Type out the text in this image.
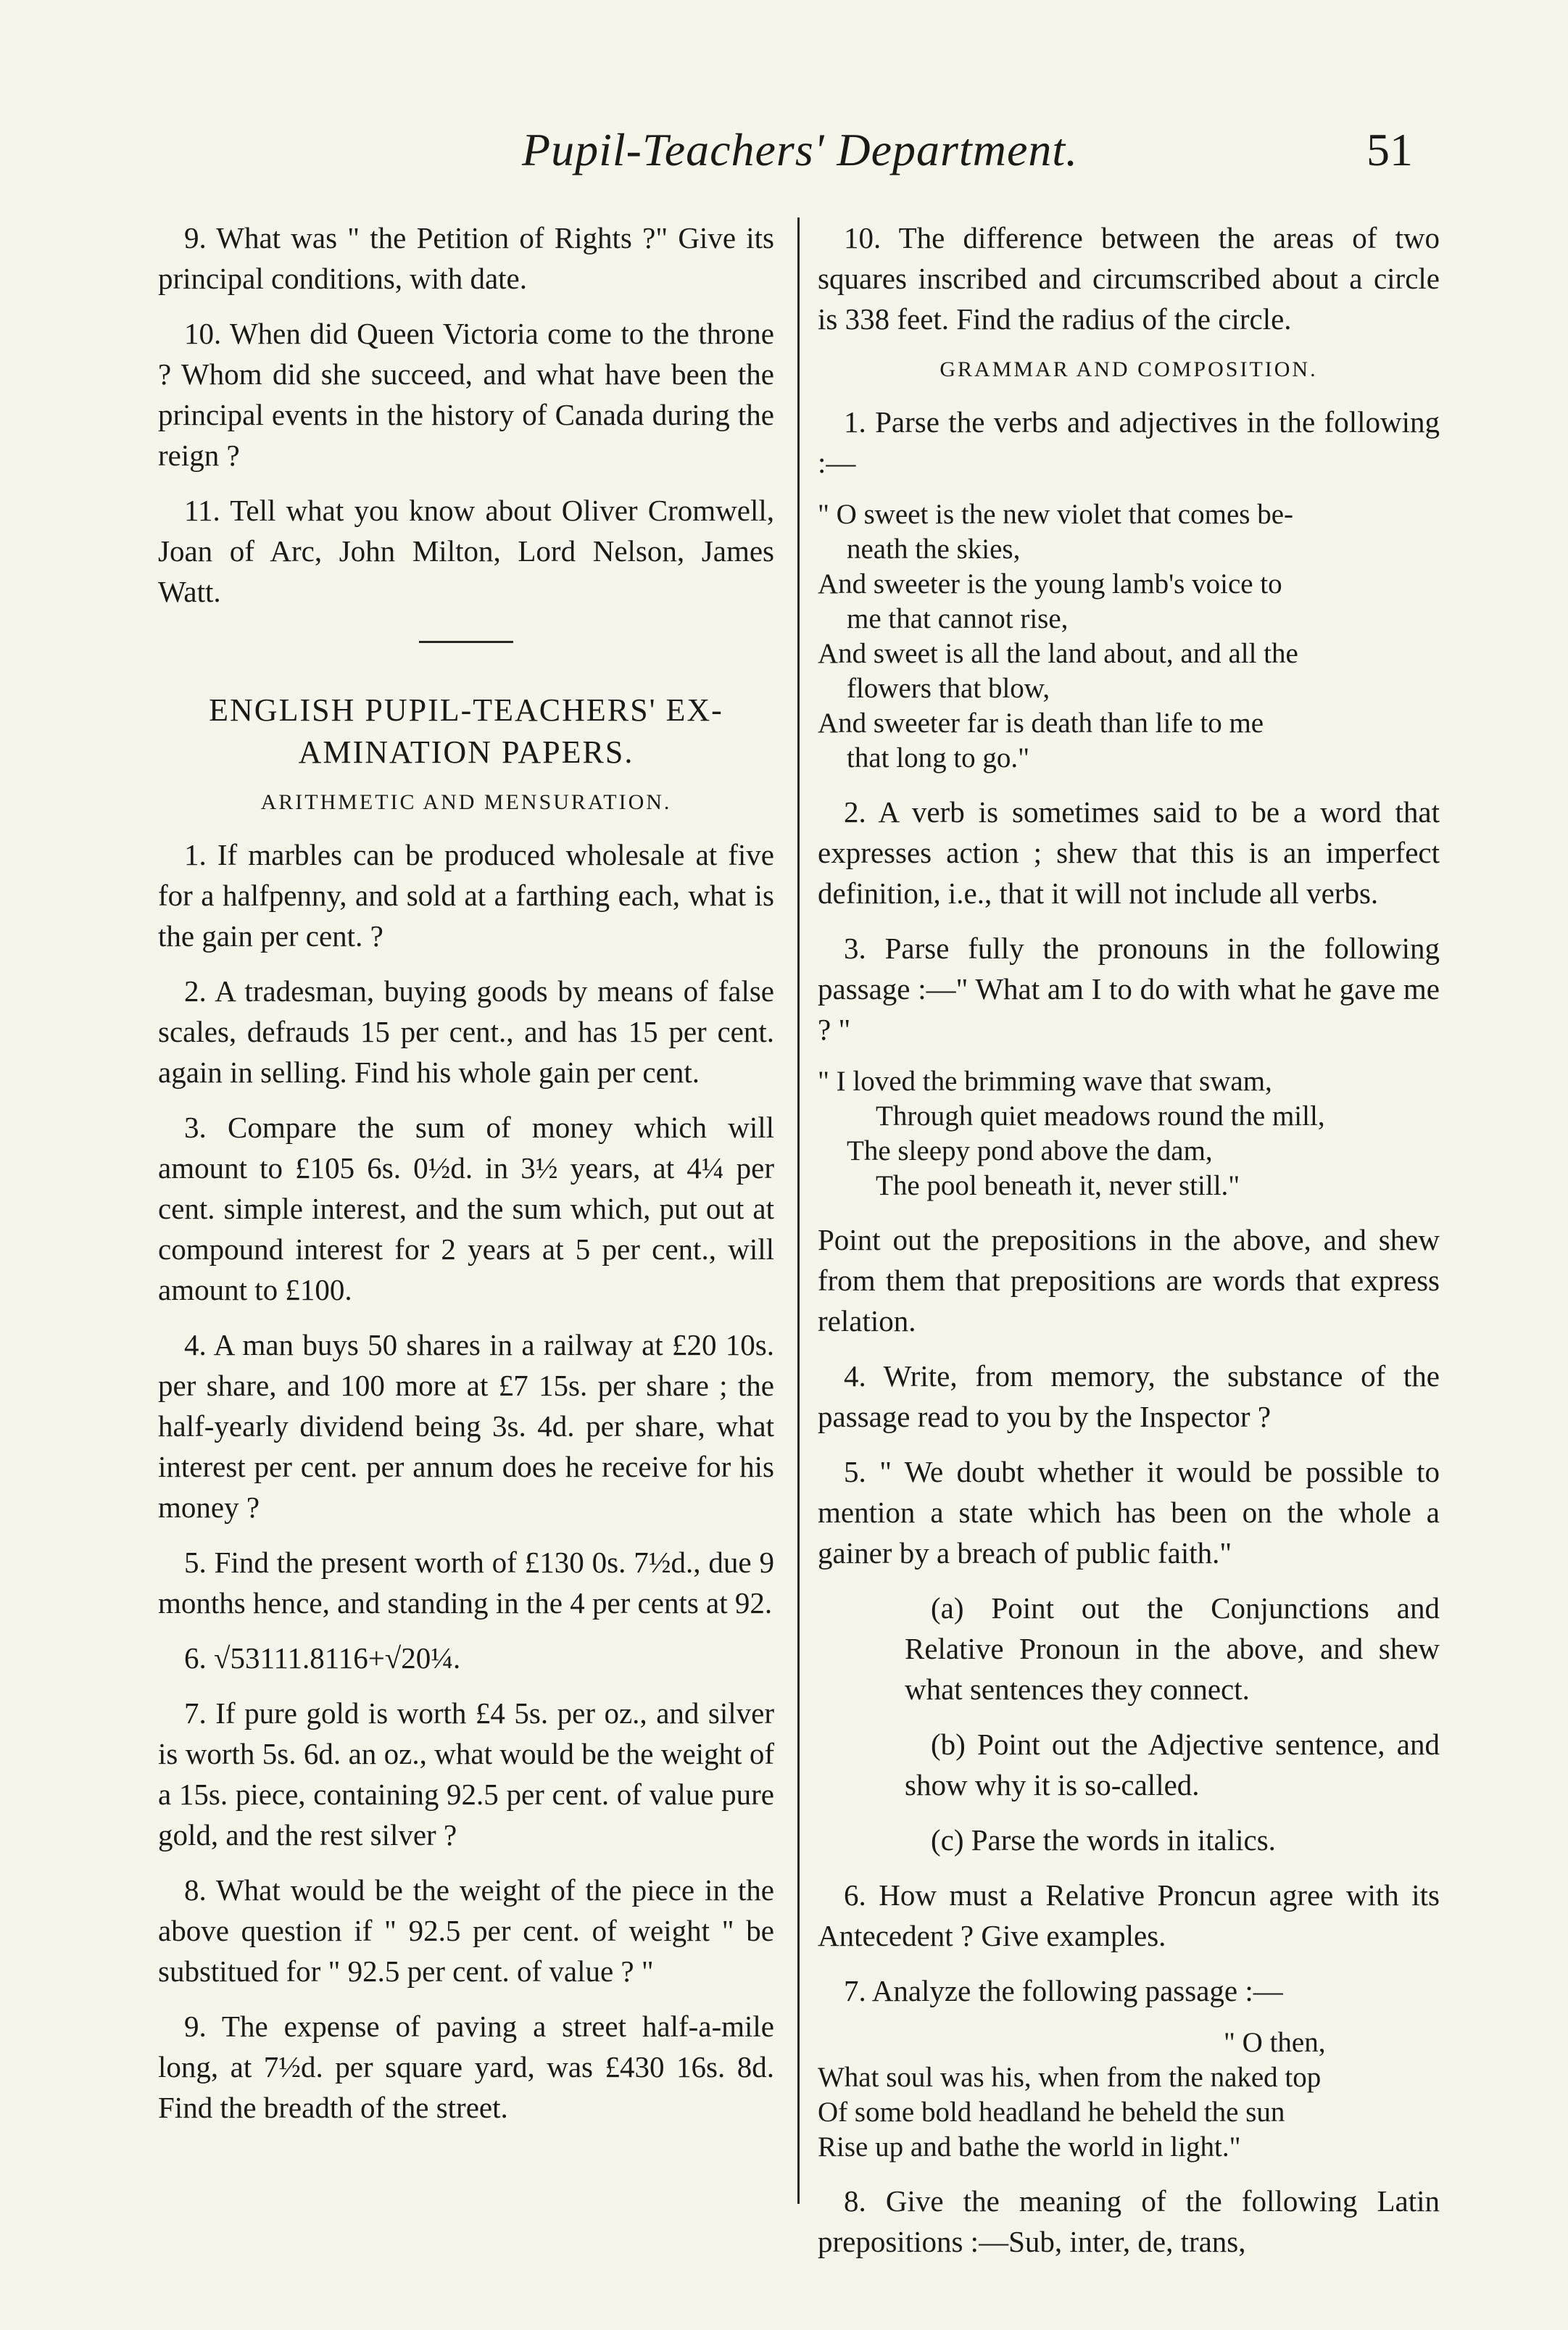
Pupil-Teachers' Department.	51

9. What was " the Petition of Rights ?" Give its principal conditions, with date.

10. When did Queen Victoria come to the throne ? Whom did she succeed, and what have been the principal events in the history of Canada during the reign ?

11. Tell what you know about Oliver Cromwell, Joan of Arc, John Milton, Lord Nelson, James Watt.

ENGLISH PUPIL-TEACHERS' EX-AMINATION PAPERS.
ARITHMETIC AND MENSURATION.

1. If marbles can be produced wholesale at five for a halfpenny, and sold at a farthing each, what is the gain per cent. ?

2. A tradesman, buying goods by means of false scales, defrauds 15 per cent., and has 15 per cent. again in selling. Find his whole gain per cent.

3. Compare the sum of money which will amount to £105 6s. 0½d. in 3½ years, at 4¼ per cent. simple interest, and the sum which, put out at compound interest for 2 years at 5 per cent., will amount to £100.

4. A man buys 50 shares in a railway at £20 10s. per share, and 100 more at £7 15s. per share ; the half-yearly dividend being 3s. 4d. per share, what interest per cent. per annum does he receive for his money ?

5. Find the present worth of £130 0s. 7½d., due 9 months hence, and standing in the 4 per cents at 92.

6. √53111.8116+√20¼.

7. If pure gold is worth £4 5s. per oz., and silver is worth 5s. 6d. an oz., what would be the weight of a 15s. piece, containing 92.5 per cent. of value pure gold, and the rest silver ?

8. What would be the weight of the piece in the above question if " 92.5 per cent. of weight " be substitued for " 92.5 per cent. of value ? "

9. The expense of paving a street half-a-mile long, at 7½d. per square yard, was £430 16s. 8d. Find the breadth of the street.

10. The difference between the areas of two squares inscribed and circumscribed about a circle is 338 feet. Find the radius of the circle.

GRAMMAR AND COMPOSITION.

1. Parse the verbs and adjectives in the following :—

" O sweet is the new violet that comes be-
neath the skies,
And sweeter is the young lamb's voice to
me that cannot rise,
And sweet is all the land about, and all the
flowers that blow,
And sweeter far is death than life to me
that long to go."

2. A verb is sometimes said to be a word that expresses action ; shew that this is an imperfect definition, i.e., that it will not include all verbs.

3. Parse fully the pronouns in the following passage :—" What am I to do with what he gave me ? "

" I loved the brimming wave that swam,
Through quiet meadows round the mill,
The sleepy pond above the dam,
The pool beneath it, never still."

Point out the prepositions in the above, and shew from them that prepositions are words that express relation.

4. Write, from memory, the substance of the passage read to you by the Inspector ?

5. " We doubt whether it would be possible to mention a state which has been on the whole a gainer by a breach of public faith."

(a) Point out the Conjunctions and Relative Pronoun in the above, and shew what sentences they connect.

(b) Point out the Adjective sentence, and show why it is so-called.

(c) Parse the words in italics.

6. How must a Relative Proncun agree with its Antecedent ? Give examples.

7. Analyze the following passage :—

" O then,
What soul was his, when from the naked top
Of some bold headland he beheld the sun
Rise up and bathe the world in light."

8. Give the meaning of the following Latin prepositions :—Sub, inter, de, trans,
